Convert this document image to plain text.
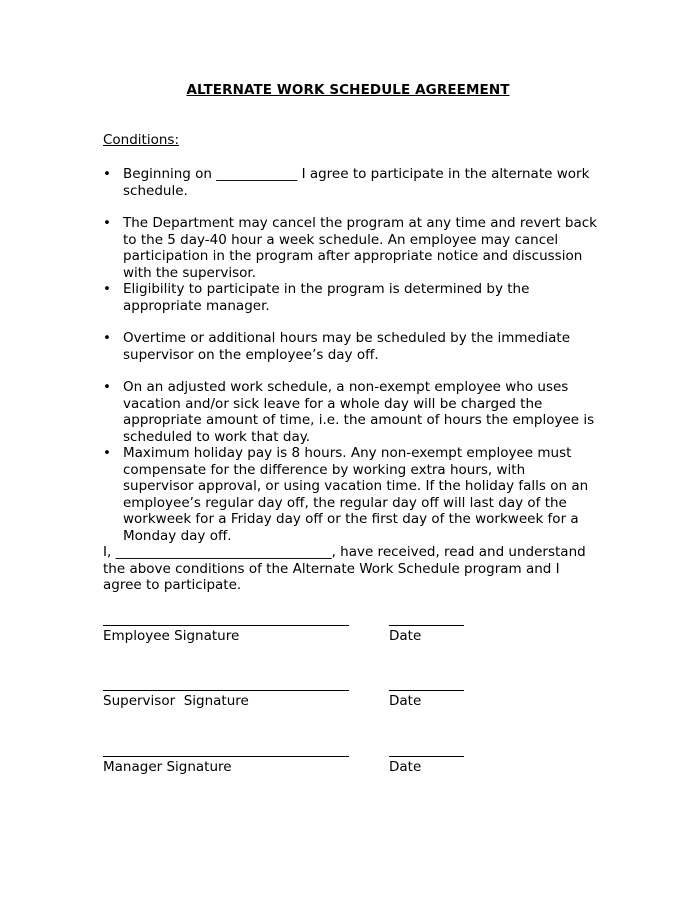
ALTERNATE WORK SCHEDULE AGREEMENT
Conditions:
• Beginning on ____________ I agree to participate in the alternate work schedule.
• The Department may cancel the program at any time and revert back to the 5 day-40 hour a week schedule. An employee may cancel participation in the program after appropriate notice and discussion with the supervisor.
• Eligibility to participate in the program is determined by the appropriate manager.
• Overtime or additional hours may be scheduled by the immediate supervisor on the employee’s day off.
• On an adjusted work schedule, a non-exempt employee who uses vacation and/or sick leave for a whole day will be charged the appropriate amount of time, i.e. the amount of hours the employee is scheduled to work that day.
• Maximum holiday pay is 8 hours. Any non-exempt employee must compensate for the difference by working extra hours, with supervisor approval, or using vacation time. If the holiday falls on an employee’s regular day off, the regular day off will last day of the workweek for a Friday day off or the first day of the workweek for a Monday day off.
I, ________________________________, have received, read and understand the above conditions of the Alternate Work Schedule program and I agree to participate.
Employee Signature	Date
Supervisor  Signature	Date
Manager Signature	Date
